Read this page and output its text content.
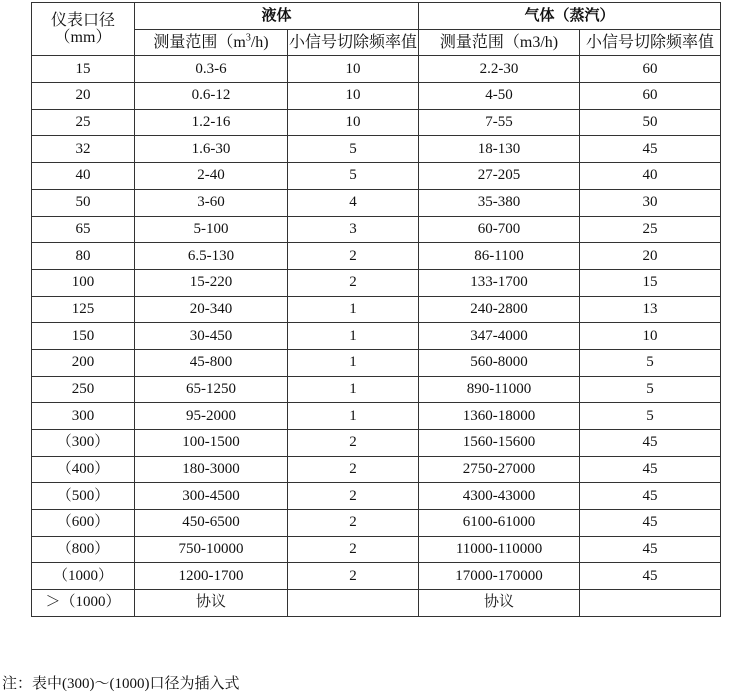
仪表口径
（mm）	液体		气体（蒸汽）	
	测量范围$(m^3/h)$	小信号切除频率值	测量范围（m3/h)	小信号切除频率值
15	0.3-6	10	2.2-30	60
20	0.6-12	10	4-50	60
25	1.2-16	10	7-55	50
32	1.6-30	5	18-130	45
40	2-40	5	27-205	40
50	3-60	4	35-380	30
65	5-100	3	60-700	25
80	6.5-130	2	86-1100	20
100	15-220	2	133-1700	15
125	20-340	1	240-2800	13
150	30-450	1	347-4000	10
200	45-800	1	560-8000	5
250	65-1250	1	890-11000	5
300	95-2000	1	1360-18000	5
（300）	100-1500	2	1560-15600	45
（400）	180-3000	2	2750-27000	45
（500）	300-4500	2	4300-43000	45
（600）	450-6500	2	6100-61000	45
（800）	750-10000	2	11000-110000	45
（1000）	1200-1700	2	17000-170000	45
＞（1000）	协议		协议	
注：表中(300)～(1000)口径为插入式
